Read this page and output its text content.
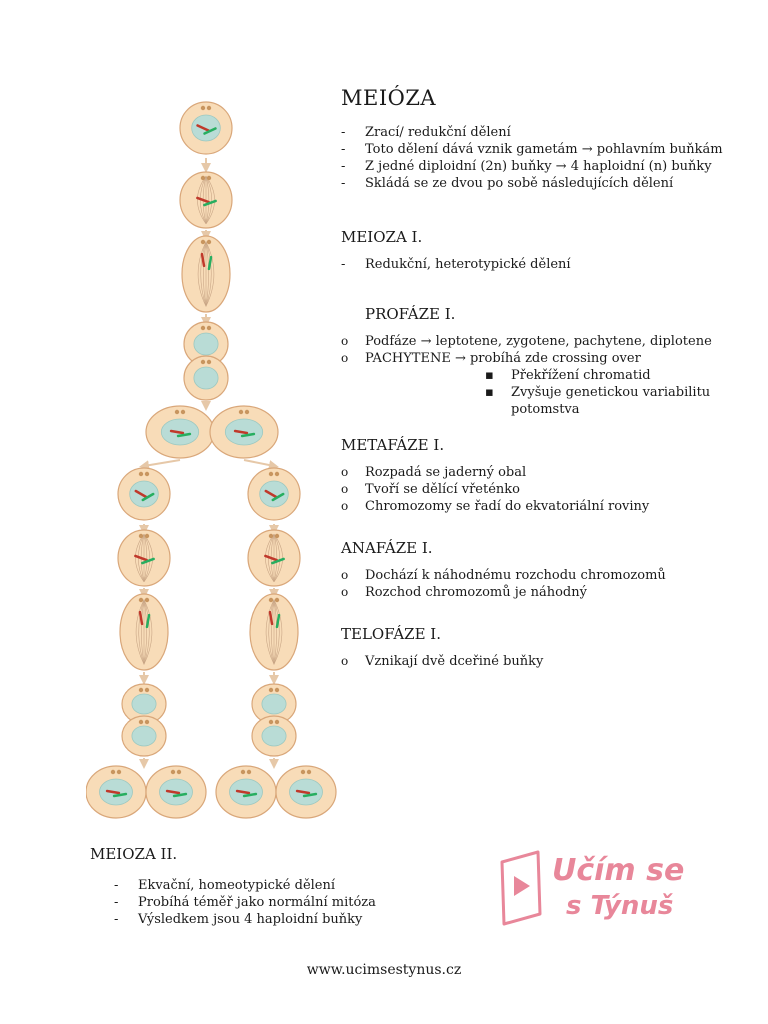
MEIÓZA
- Zrací/ redukční dělení
- Toto dělení dává vznik gametám → pohlavním buňkám
- Z jedné diploidní (2n) buňky → 4 haploidní (n) buňky
- Skládá se ze dvou po sobě následujících dělení
MEIOZA I.
- Redukční, heterotypické dělení
PROFÁZE I.
o Podfáze → leptotene, zygotene, pachytene, diplotene
o PACHYTENE → probíhá zde crossing over
▪ Překřížení chromatid
▪ Zvyšuje genetickou variabilitu potomstva
METAFÁZE I.
o Rozpadá se jaderný obal
o Tvoří se dělící vřeténko
o Chromozomy se řadí do ekvatoriální roviny
ANAFÁZE I.
o Dochází k náhodnému rozchodu chromozomů
o Rozchod chromozomů je náhodný
TELOFÁZE I.
o Vznikají dvě dceřiné buňky
MEIOZA II.
- Ekvační, homeotypické dělení
- Probíhá téměř jako normální mitóza
- Výsledkem jsou 4 haploidní buňky
Učím se
s Týnuš
www.ucimsestynus.cz
